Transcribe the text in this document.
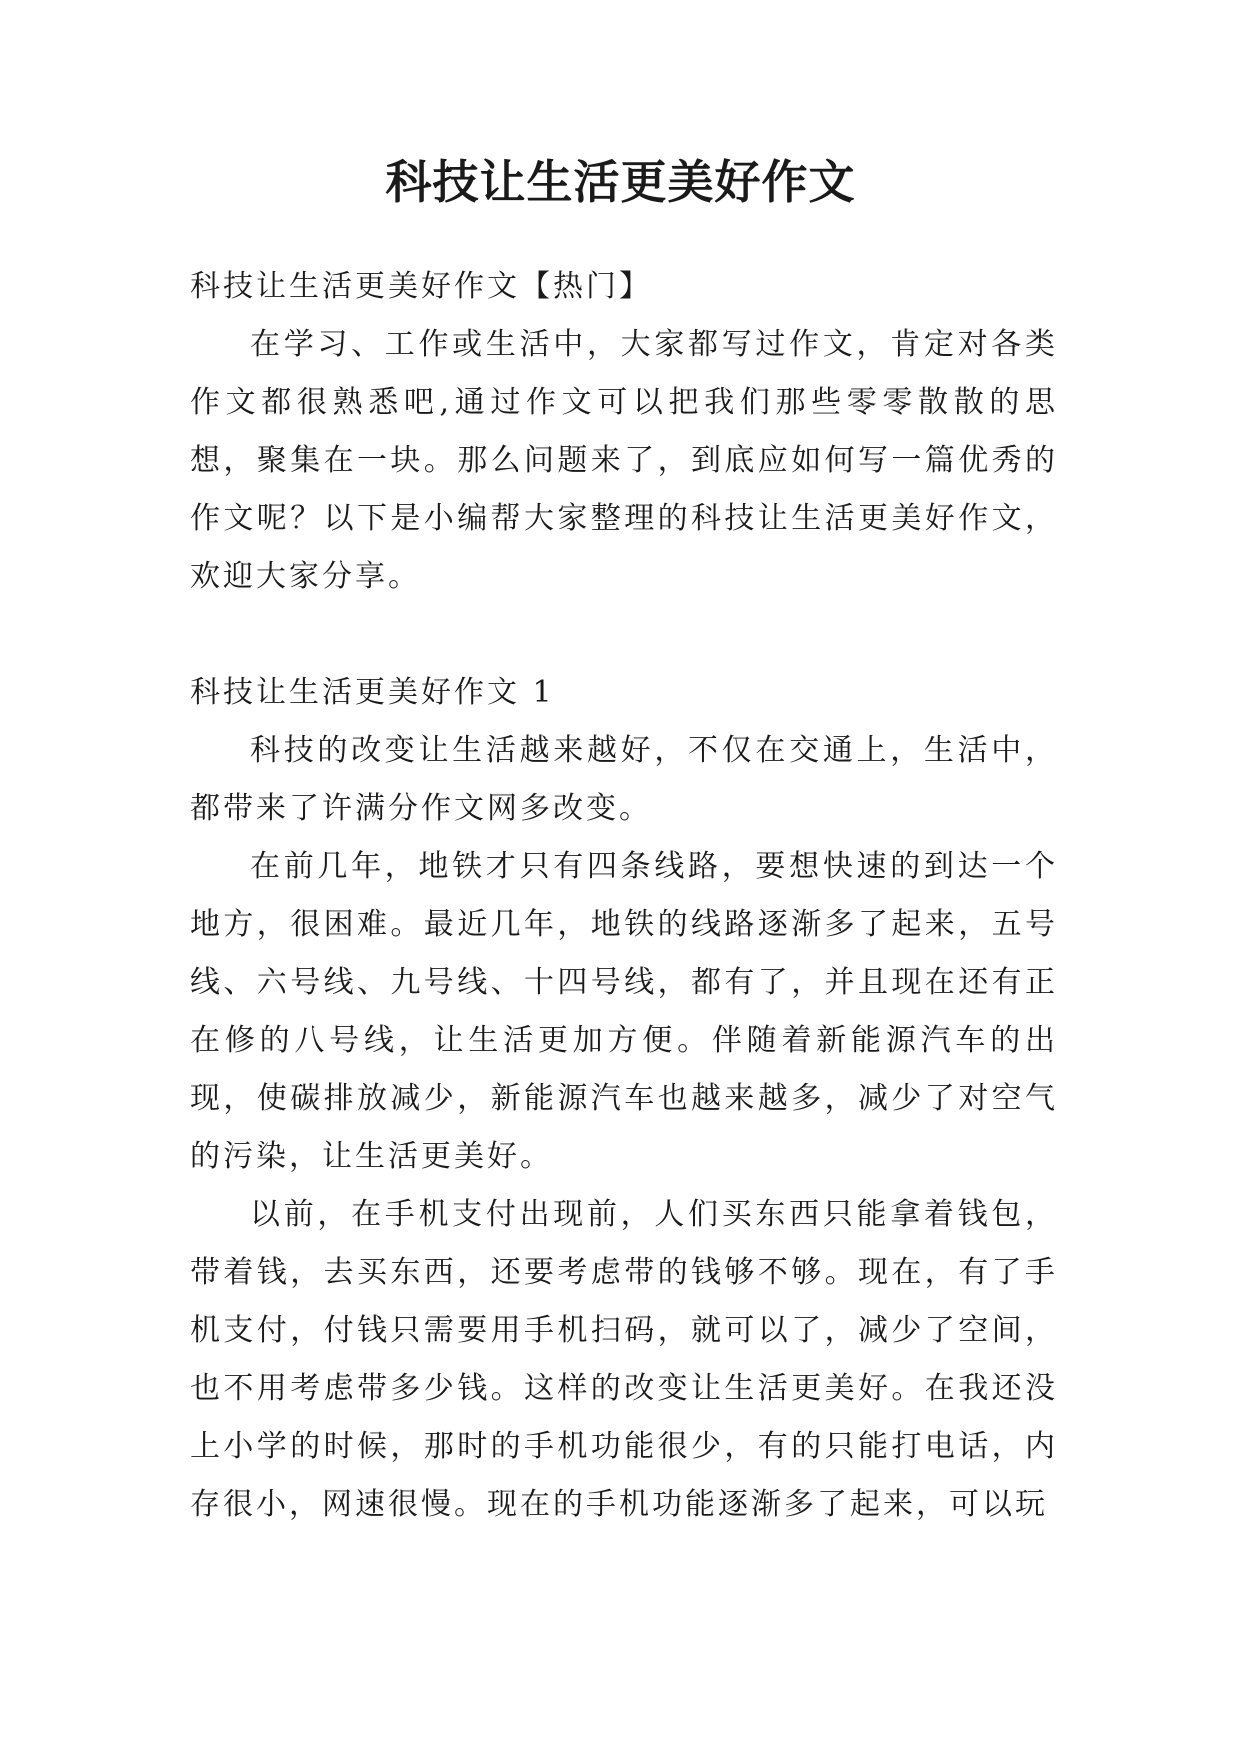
科技让生活更美好作文

科技让生活更美好作文【热门】

在学习、工作或生活中，大家都写过作文，肯定对各类作文都很熟悉吧,通过作文可以把我们那些零零散散的思想，聚集在一块。那么问题来了，到底应如何写一篇优秀的作文呢？以下是小编帮大家整理的科技让生活更美好作文，欢迎大家分享。

科技让生活更美好作文 1

科技的改变让生活越来越好，不仅在交通上，生活中，都带来了许满分作文网多改变。

在前几年，地铁才只有四条线路，要想快速的到达一个地方，很困难。最近几年，地铁的线路逐渐多了起来，五号线、六号线、九号线、十四号线，都有了，并且现在还有正在修的八号线，让生活更加方便。伴随着新能源汽车的出现，使碳排放减少，新能源汽车也越来越多，减少了对空气的污染，让生活更美好。

以前，在手机支付出现前，人们买东西只能拿着钱包，带着钱，去买东西，还要考虑带的钱够不够。现在，有了手机支付，付钱只需要用手机扫码，就可以了，减少了空间，也不用考虑带多少钱。这样的改变让生活更美好。在我还没上小学的时候，那时的手机功能很少，有的只能打电话，内存很小，网速很慢。现在的手机功能逐渐多了起来，可以玩
